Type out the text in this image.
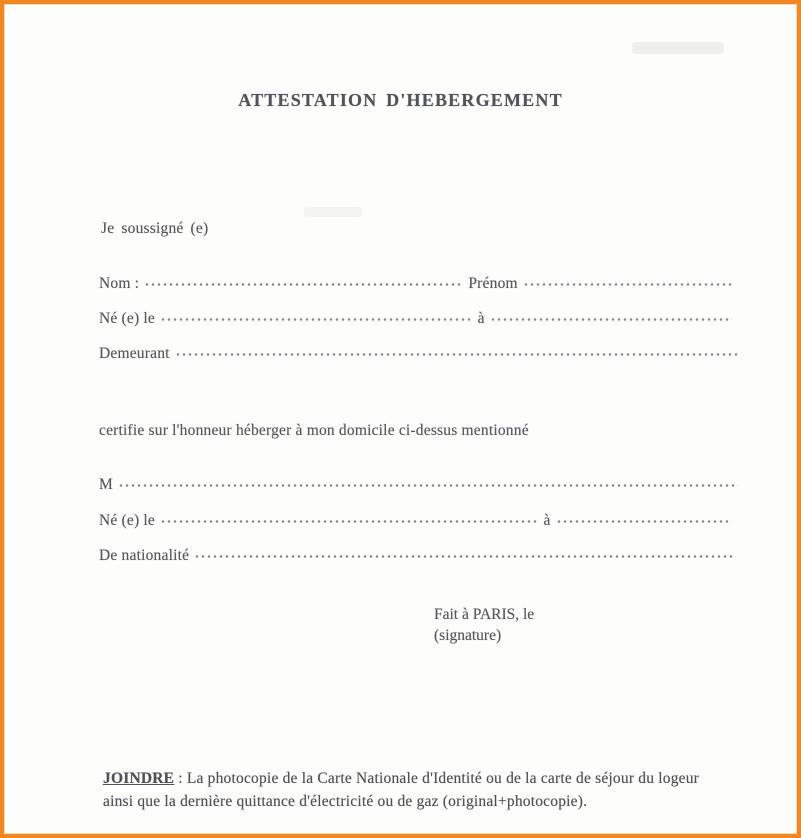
ATTESTATION D'HEBERGEMENT
Je soussigné (e)
Nom :	Prénom
Né (e) le	à
Demeurant
certifie sur l'honneur héberger à mon domicile ci-dessus mentionné
M
Né (e) le	à
De nationalité
Fait à PARIS, le
(signature)

JOINDRE : La photocopie de la Carte Nationale d'Identité ou de la carte de séjour du logeur
ainsi que la dernière quittance d'électricité ou de gaz (original+photocopie).
